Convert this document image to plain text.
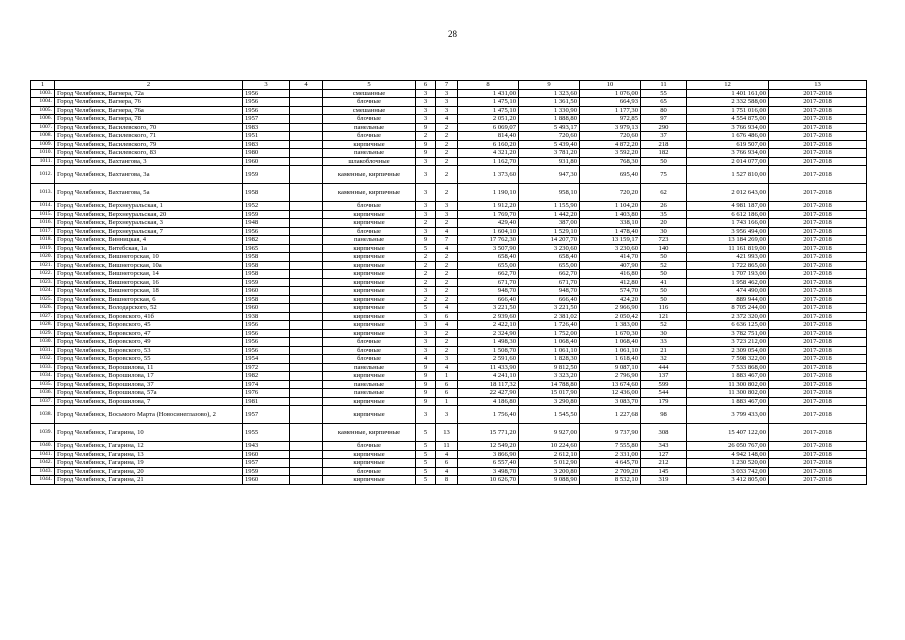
28
1	2	3	4	5	6	7	8	9	10	11	12	13
1003.	Город Челябинск, Вагнера, 72а	1956		смешанные	3	3	1 431,00	1 323,60	1 076,00	55	1 401 161,00	2017-2018
1004.	Город Челябинск, Вагнера, 76	1956		блочные	3	3	1 475,10	1 361,50	664,93	65	2 332 588,00	2017-2018
1005.	Город Челябинск, Вагнера, 76а	1956		смешанные	3	3	1 475,10	1 330,90	1 177,30	80	1 751 016,00	2017-2018
1006.	Город Челябинск, Вагнера, 78	1957		блочные	3	4	2 051,20	1 888,80	972,85	97	4 554 875,00	2017-2018
1007.	Город Челябинск, Василевского, 70	1983		панельные	9	2	6 069,07	5 493,17	3 979,13	290	3 766 934,00	2017-2018
1008.	Город Челябинск, Василевского, 71	1951		блочные	2	2	814,40	720,60	720,60	37	1 676 486,00	2017-2018
1009.	Город Челябинск, Василевского, 79	1983		кирпичные	9	2	6 160,20	5 439,40	4 872,20	218	619 507,00	2017-2018
1010.	Город Челябинск, Василевского, 83	1980		панельные	9	2	4 321,20	3 781,20	3 592,20	182	3 766 934,00	2017-2018
1011.	Город Челябинск, Вахтангова, 3	1960		шлакоблочные	3	2	1 162,70	931,80	768,30	50	2 014 077,00	2017-2018
1012.	Город Челябинск, Вахтангова, 3а	1959		каменные, кирпичные	3	2	1 373,60	947,30	695,40	75	1 527 810,00	2017-2018
1013.	Город Челябинск, Вахтангова, 5а	1958		каменные, кирпичные	3	2	1 190,10	958,10	720,20	62	2 012 643,00	2017-2018
1014.	Город Челябинск, Верхнеуральская, 1	1952		блочные	3	3	1 912,20	1 155,90	1 104,20	26	4 981 187,00	2017-2018
1015.	Город Челябинск, Верхнеуральская, 20	1959		кирпичные	3	3	1 769,70	1 442,20	1 403,80	35	6 612 186,00	2017-2018
1016.	Город Челябинск, Верхнеуральская, 3	1948		кирпичные	2	2	429,40	387,00	338,10	20	1 743 166,00	2017-2018
1017.	Город Челябинск, Верхнеуральская, 7	1956		блочные	3	4	1 604,10	1 529,10	1 478,40	30	3 956 494,00	2017-2018
1018.	Город Челябинск, Винницкая, 4	1982		панельные	9	7	17 762,30	14 207,70	13 159,17	723	13 184 269,00	2017-2018
1019.	Город Челябинск, Витебская, 1а	1965		кирпичные	5	4	3 507,90	3 230,60	3 230,60	140	11 161 819,00	2017-2018
1020.	Город Челябинск, Вишнегорская, 10	1958		кирпичные	2	2	658,40	658,40	414,70	50	421 993,00	2017-2018
1021.	Город Челябинск, Вишнегорская, 10а	1958		кирпичные	2	2	655,00	655,00	407,90	52	1 722 865,00	2017-2018
1022.	Город Челябинск, Вишнегорская, 14	1958		кирпичные	2	2	662,70	662,70	416,80	50	1 707 193,00	2017-2018
1023.	Город Челябинск, Вишнегорская, 16	1959		кирпичные	2	2	671,70	671,70	412,80	41	1 958 462,00	2017-2018
1024.	Город Челябинск, Вишнегорская, 18	1960		кирпичные	3	2	948,70	948,70	574,70	50	474 490,00	2017-2018
1025.	Город Челябинск, Вишнегорская, 6	1958		кирпичные	2	2	666,40	666,40	424,20	50	889 944,00	2017-2018
1026.	Город Челябинск, Володарского, 52	1960		кирпичные	5	4	3 221,50	3 221,50	2 966,90	116	8 705 244,00	2017-2018
1027.	Город Челябинск, Воровского, 41б	1938		кирпичные	3	6	2 939,60	2 381,02	2 050,42	121	2 372 320,00	2017-2018
1028.	Город Челябинск, Воровского, 45	1956		кирпичные	3	4	2 422,10	1 726,40	1 383,00	52	6 636 125,00	2017-2018
1029.	Город Челябинск, Воровского, 47	1956		кирпичные	3	2	2 324,90	1 752,00	1 670,30	30	3 782 751,00	2017-2018
1030.	Город Челябинск, Воровского, 49	1956		блочные	3	2	1 498,30	1 068,40	1 068,40	33	3 723 212,00	2017-2018
1031.	Город Челябинск, Воровского, 53	1956		блочные	3	2	1 508,70	1 061,10	1 061,10	21	2 309 054,00	2017-2018
1032.	Город Челябинск, Воровского, 55	1954		блочные	4	3	2 591,60	1 828,30	1 618,40	32	7 598 322,00	2017-2018
1033.	Город Челябинск, Ворошилова, 11	1972		панельные	9	4	11 433,90	9 812,50	9 087,10	444	7 533 868,00	2017-2018
1034.	Город Челябинск, Ворошилова, 17	1982		кирпичные	9	1	4 241,10	3 323,20	2 796,90	137	1 883 467,00	2017-2018
1035.	Город Челябинск, Ворошилова, 37	1974		панельные	9	6	18 117,32	14 788,80	13 674,60	599	11 300 802,00	2017-2018
1036.	Город Челябинск, Ворошилова, 57а	1976		панельные	9	6	22 427,90	15 017,90	12 436,00	544	11 300 802,00	2017-2018
1037.	Город Челябинск, Ворошилова, 7	1981		кирпичные	9	1	4 186,80	3 290,80	3 083,70	179	1 883 467,00	2017-2018
1038.	Город Челябинск, Восьмого Марта (Новосинеглазово), 2	1957		кирпичные	3	3	1 756,40	1 545,50	1 227,68	98	3 799 433,00	2017-2018
1039.	Город Челябинск, Гагарина, 10	1955		каменные, кирпичные	5	13	15 771,20	9 927,00	9 737,90	308	15 407 122,00	2017-2018
1040.	Город Челябинск, Гагарина, 12	1943		блочные	5	11	12 549,20	10 224,60	7 555,80	343	26 050 767,00	2017-2018
1041.	Город Челябинск, Гагарина, 13	1960		кирпичные	5	4	3 866,90	2 612,10	2 331,00	127	4 942 148,00	2017-2018
1042.	Город Челябинск, Гагарина, 19	1957		кирпичные	5	6	6 557,40	5 012,90	4 645,70	212	1 230 520,00	2017-2018
1043.	Город Челябинск, Гагарина, 20	1959		блочные	5	4	3 498,70	3 200,80	2 709,20	145	3 033 742,00	2017-2018
1044.	Город Челябинск, Гагарина, 21	1960		кирпичные	5	8	10 626,70	9 088,90	8 532,10	319	3 412 805,00	2017-2018
